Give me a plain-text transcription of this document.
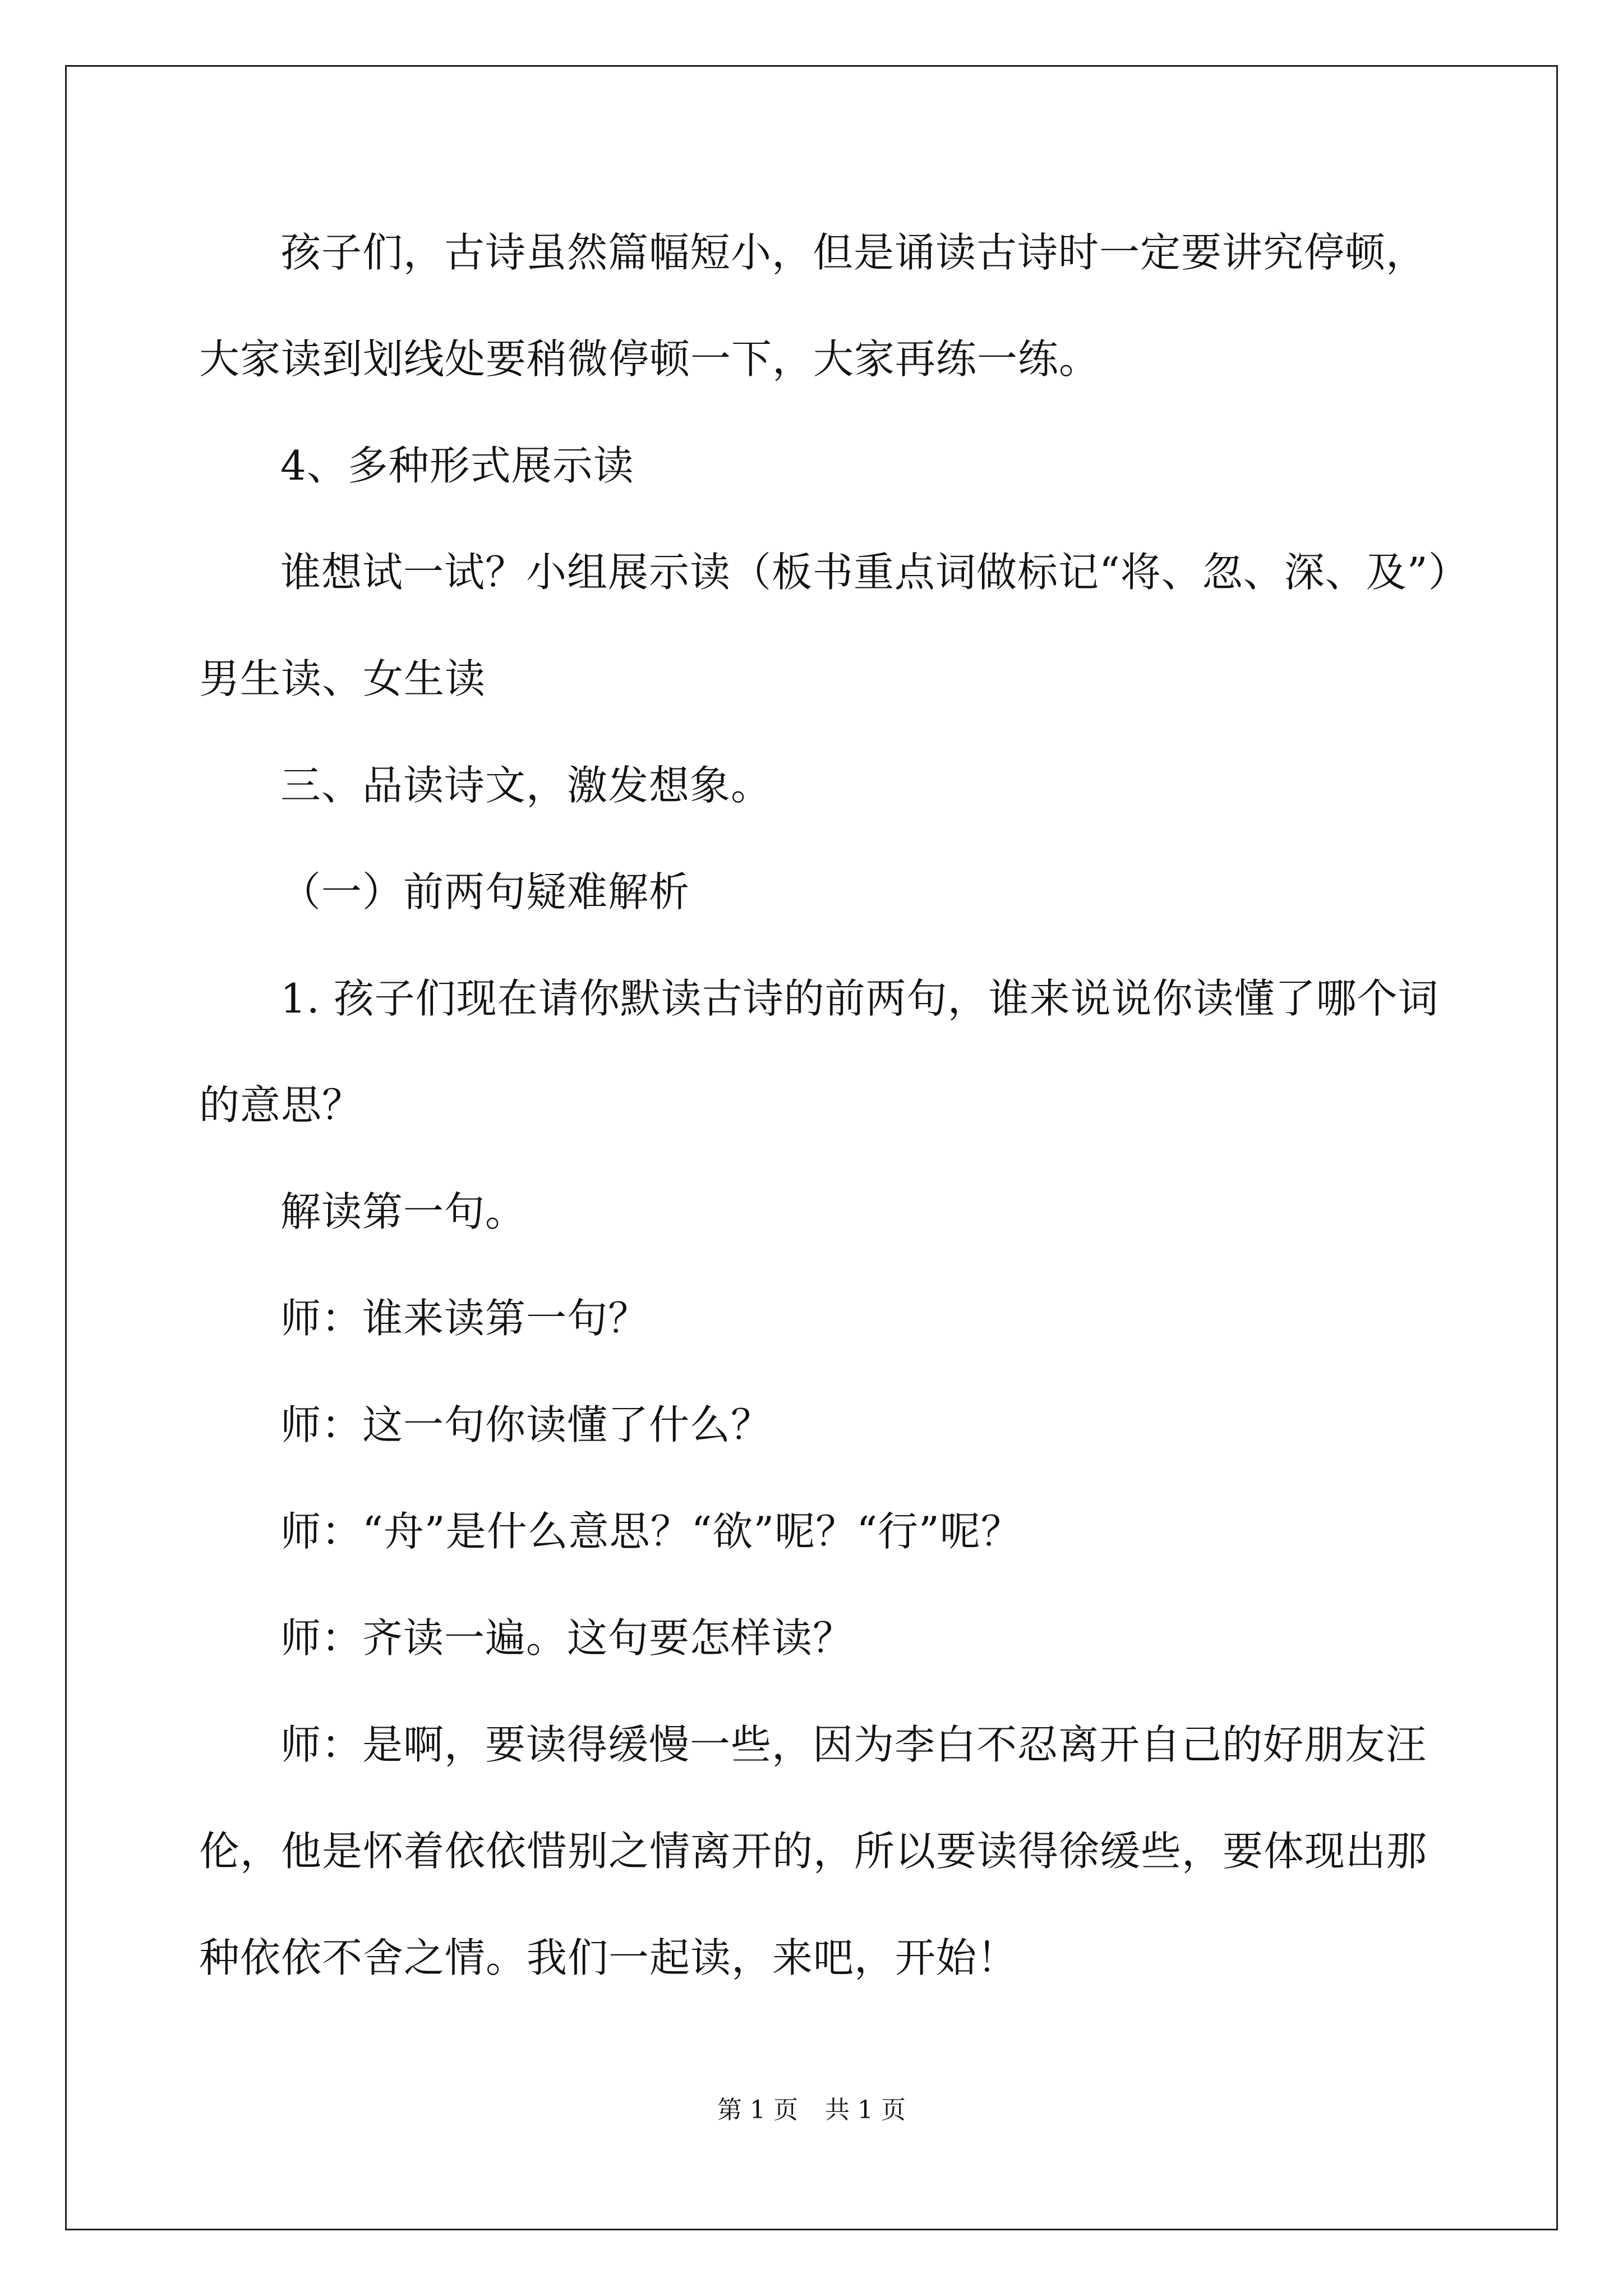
孩子们，古诗虽然篇幅短小，但是诵读古诗时一定要讲究停顿，
大家读到划线处要稍微停顿一下，大家再练一练。
4、多种形式展示读
谁想试一试？小组展示读（板书重点词做标记“将、忽、深、及”）
男生读、女生读
三、品读诗文，激发想象。
（一）前两句疑难解析
1. 孩子们现在请你默读古诗的前两句，谁来说说你读懂了哪个词
的意思？
解读第一句。
师：谁来读第一句？
师：这一句你读懂了什么？
师：“舟”是什么意思？“欲”呢？“行”呢？
师：齐读一遍。这句要怎样读？
师：是啊，要读得缓慢一些，因为李白不忍离开自己的好朋友汪
伦，他是怀着依依惜别之情离开的，所以要读得徐缓些，要体现出那
种依依不舍之情。我们一起读，来吧，开始！
第 1 页 共 1 页
